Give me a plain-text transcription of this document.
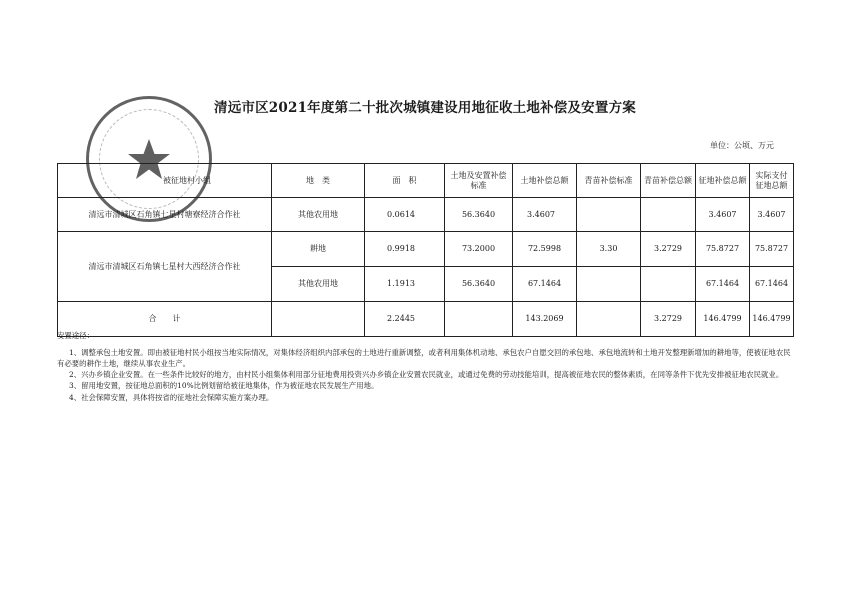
清远市区2021年度第二十批次城镇建设用地征收土地补偿及安置方案
单位：公顷、万元
被征地村小组	地　类	面　积	土地及安置补偿标准	土地补偿总额	青苗补偿标准	青苗补偿总额	征地补偿总额	实际支付征地总额
清远市清城区石角镇七星村塘寮经济合作社	其他农用地	0.0614	56.3640	3.4607			3.4607	3.4607
清远市清城区石角镇七星村大西经济合作社	耕地	0.9918	73.2000	72.5998	3.30	3.2729	75.8727	75.8727
	其他农用地	1.1913	56.3640	67.1464			67.1464	67.1464
合　　计		2.2445		143.2069		3.2729	146.4799	146.4799

安置途径：

1、调整承包土地安置。即由被征地村民小组按当地实际情况，对集体经济组织内部承包的土地进行重新调整，或者利用集体机动地、承包农户自愿交回的承包地、承包地流转和土地开发整理新增加的耕地等，使被征地农民有必要的耕作土地，继续从事农业生产。

2、兴办乡镇企业安置。在一些条件比较好的地方，由村民小组集体利用部分征地费用投资兴办乡镇企业安置农民就业，或通过免费的劳动技能培训，提高被征地农民的整体素质，在同等条件下优先安排被征地农民就业。

3、留用地安置，按征地总面积的10%比例划留给被征地集体，作为被征地农民发展生产用地。

4、社会保障安置，具体将按省的征地社会保障实施方案办理。
